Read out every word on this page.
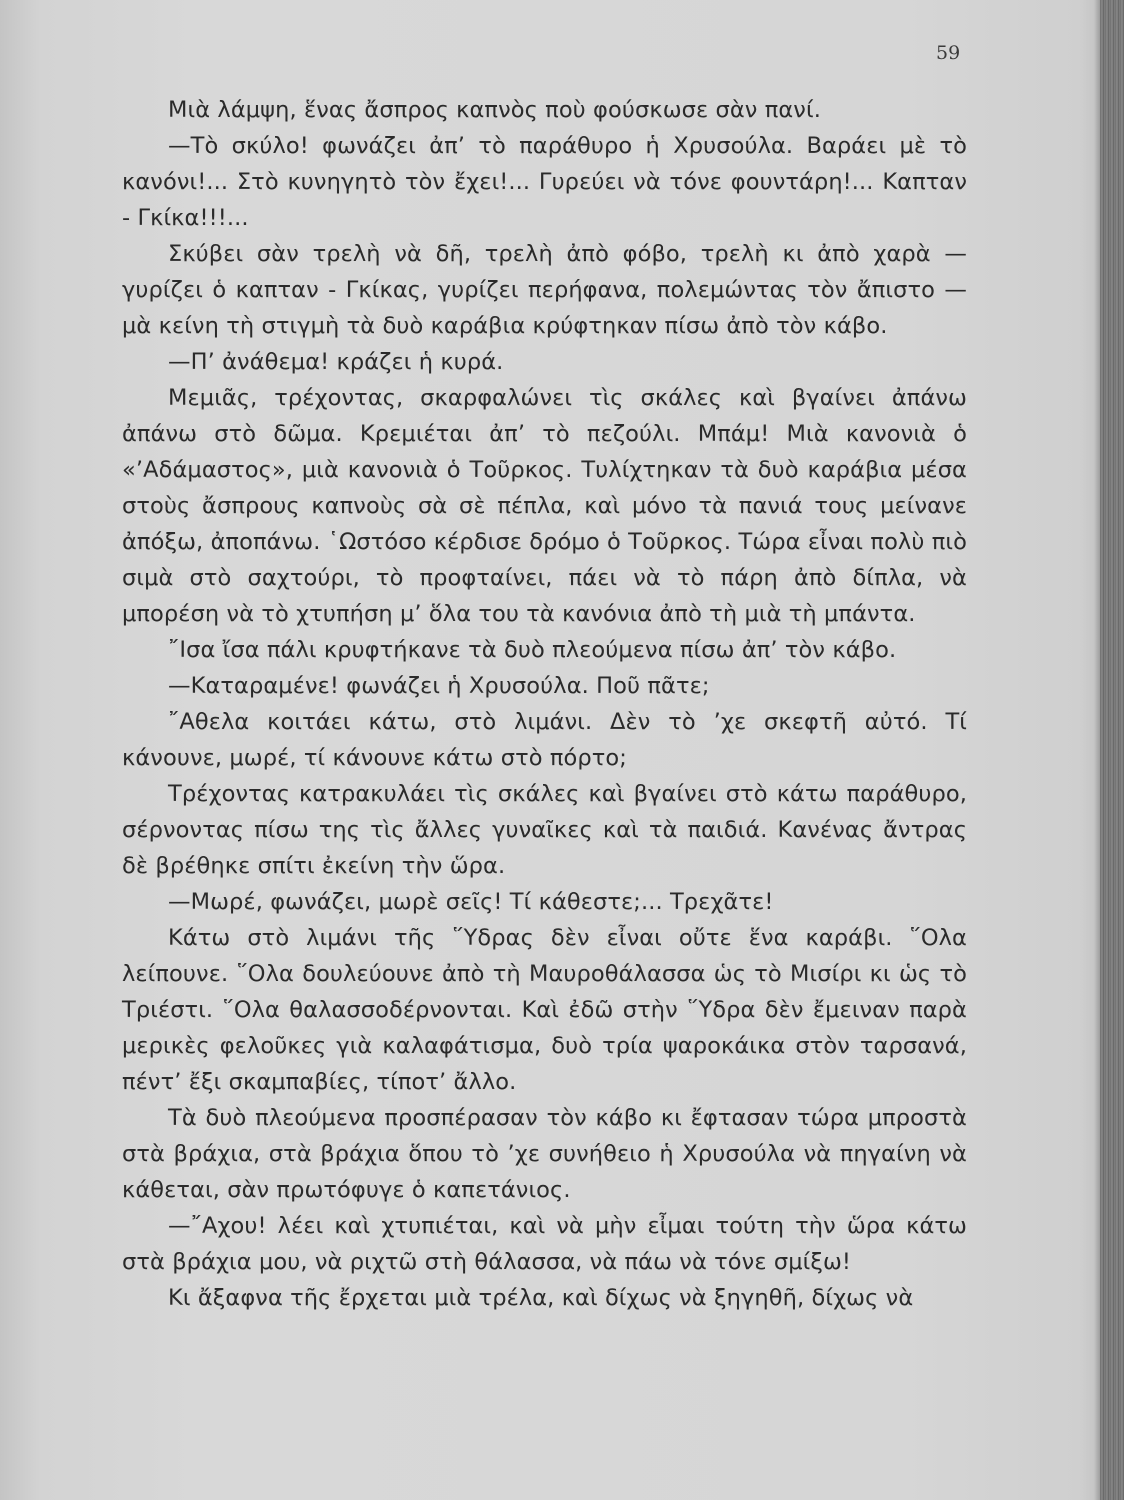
59

Μιὰ λάμψη, ἕνας ἄσπρος καπνὸς ποὺ φούσκωσε σὰν πανί.

—Τὸ σκύλο! φωνάζει ἀπ’ τὸ παράθυρο ἡ Χρυσούλα. Βαράει μὲ τὸ κανόνι!... Στὸ κυνηγητὸ τὸν ἔχει!... Γυρεύει νὰ τόνε φουντάρη!... Καπταν - Γκίκα!!!...

Σκύβει σὰν τρελὴ νὰ δῆ, τρελὴ ἀπὸ φόβο, τρελὴ κι ἀπὸ χαρὰ — γυρίζει ὁ καπταν - Γκίκας, γυρίζει περήφανα, πολεμώντας τὸν ἄπιστο — μὰ κείνη τὴ στιγμὴ τὰ δυὸ καράβια κρύφτηκαν πίσω ἀπὸ τὸν κάβο.

—Π’ ἀνάθεμα! κράζει ἡ κυρά.

Μεμιᾶς, τρέχοντας, σκαρφαλώνει τὶς σκάλες καὶ βγαίνει ἀπάνω ἀπάνω στὸ δῶμα. Κρεμιέται ἀπ’ τὸ πεζούλι. Μπάμ! Μιὰ κανονιὰ ὁ «’Αδάμαστος», μιὰ κανονιὰ ὁ Τοῦρκος. Τυλίχτηκαν τὰ δυὸ καράβια μέσα στοὺς ἄσπρους καπνοὺς σὰ σὲ πέπλα, καὶ μόνο τὰ πανιά τους μείνανε ἀπόξω, ἀποπάνω. ῾Ωστόσο κέρδισε δρόμο ὁ Τοῦρκος. Τώρα εἶναι πολὺ πιὸ σιμὰ στὸ σαχτούρι, τὸ προφταίνει, πάει νὰ τὸ πάρη ἀπὸ δίπλα, νὰ μπορέση νὰ τὸ χτυπήση μ’ ὅλα του τὰ κανόνια ἀπὸ τὴ μιὰ τὴ μπάντα.

῎Ισα ἴσα πάλι κρυφτήκανε τὰ δυὸ πλεούμενα πίσω ἀπ’ τὸν κάβο.

—Καταραμένε! φωνάζει ἡ Χρυσούλα. Ποῦ πᾶτε;

῎Αθελα κοιτάει κάτω, στὸ λιμάνι. Δὲν τὸ ’χε σκεφτῆ αὐτό. Τί κάνουνε, μωρέ, τί κάνουνε κάτω στὸ πόρτο;

Τρέχοντας κατρακυλάει τὶς σκάλες καὶ βγαίνει στὸ κάτω παράθυρο, σέρνοντας πίσω της τὶς ἄλλες γυναῖκες καὶ τὰ παιδιά. Κανένας ἄντρας δὲ βρέθηκε σπίτι ἐκείνη τὴν ὥρα.

—Μωρέ, φωνάζει, μωρὲ σεῖς! Τί κάθεστε;... Τρεχᾶτε!

Κάτω στὸ λιμάνι τῆς ῞Υδρας δὲν εἶναι οὔτε ἕνα καράβι. ῞Ολα λείπουνε. ῞Ολα δουλεύουνε ἀπὸ τὴ Μαυροθάλασσα ὡς τὸ Μισίρι κι ὡς τὸ Τριέστι. ῞Ολα θαλασσοδέρνονται. Καὶ ἐδῶ στὴν ῞Υδρα δὲν ἔμειναν παρὰ μερικὲς φελοῦκες γιὰ καλαφάτισμα, δυὸ τρία ψαροκάικα στὸν ταρσανά, πέντ’ ἔξι σκαμπαβίες, τίποτ’ ἄλλο.

Τὰ δυὸ πλεούμενα προσπέρασαν τὸν κάβο κι ἔφτασαν τώρα μπροστὰ στὰ βράχια, στὰ βράχια ὅπου τὸ ’χε συνήθειο ἡ Χρυσούλα νὰ πηγαίνη νὰ κάθεται, σὰν πρωτόφυγε ὁ καπετάνιος.

—῎Αχου! λέει καὶ χτυπιέται, καὶ νὰ μὴν εἶμαι τούτη τὴν ὥρα κάτω στὰ βράχια μου, νὰ ριχτῶ στὴ θάλασσα, νὰ πάω νὰ τόνε σμίξω!

Κι ἄξαφνα τῆς ἔρχεται μιὰ τρέλα, καὶ δίχως νὰ ξηγηθῆ, δίχως νὰ
